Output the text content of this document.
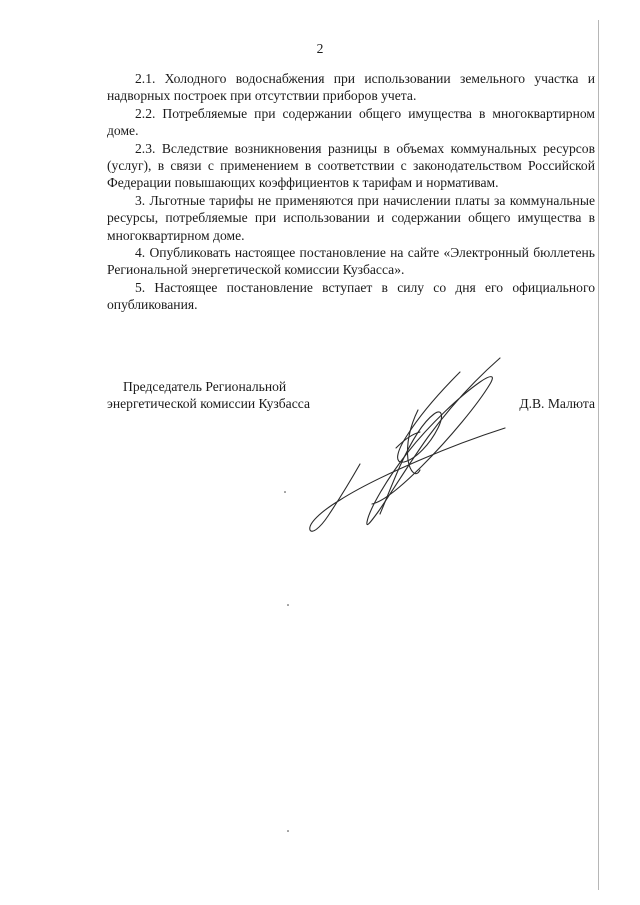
2

2.1. Холодного водоснабжения при использовании земельного участка и надворных построек при отсутствии приборов учета.

2.2. Потребляемые при содержании общего имущества в многоквартирном доме.

2.3. Вследствие возникновения разницы в объемах коммунальных ресурсов (услуг), в связи с применением в соответствии с законодательством Российской Федерации повышающих коэффициентов к тарифам и нормативам.

3. Льготные тарифы не применяются при начислении платы за коммунальные ресурсы, потребляемые при использовании и содержании общего имущества в многоквартирном доме.

4. Опубликовать настоящее постановление на сайте «Электронный бюллетень Региональной энергетической комиссии Кузбасса».

5. Настоящее постановление вступает в силу со дня его официального опубликования.

Председатель Региональной
энергетической комиссии Кузбасса	Д.В. Малюта
